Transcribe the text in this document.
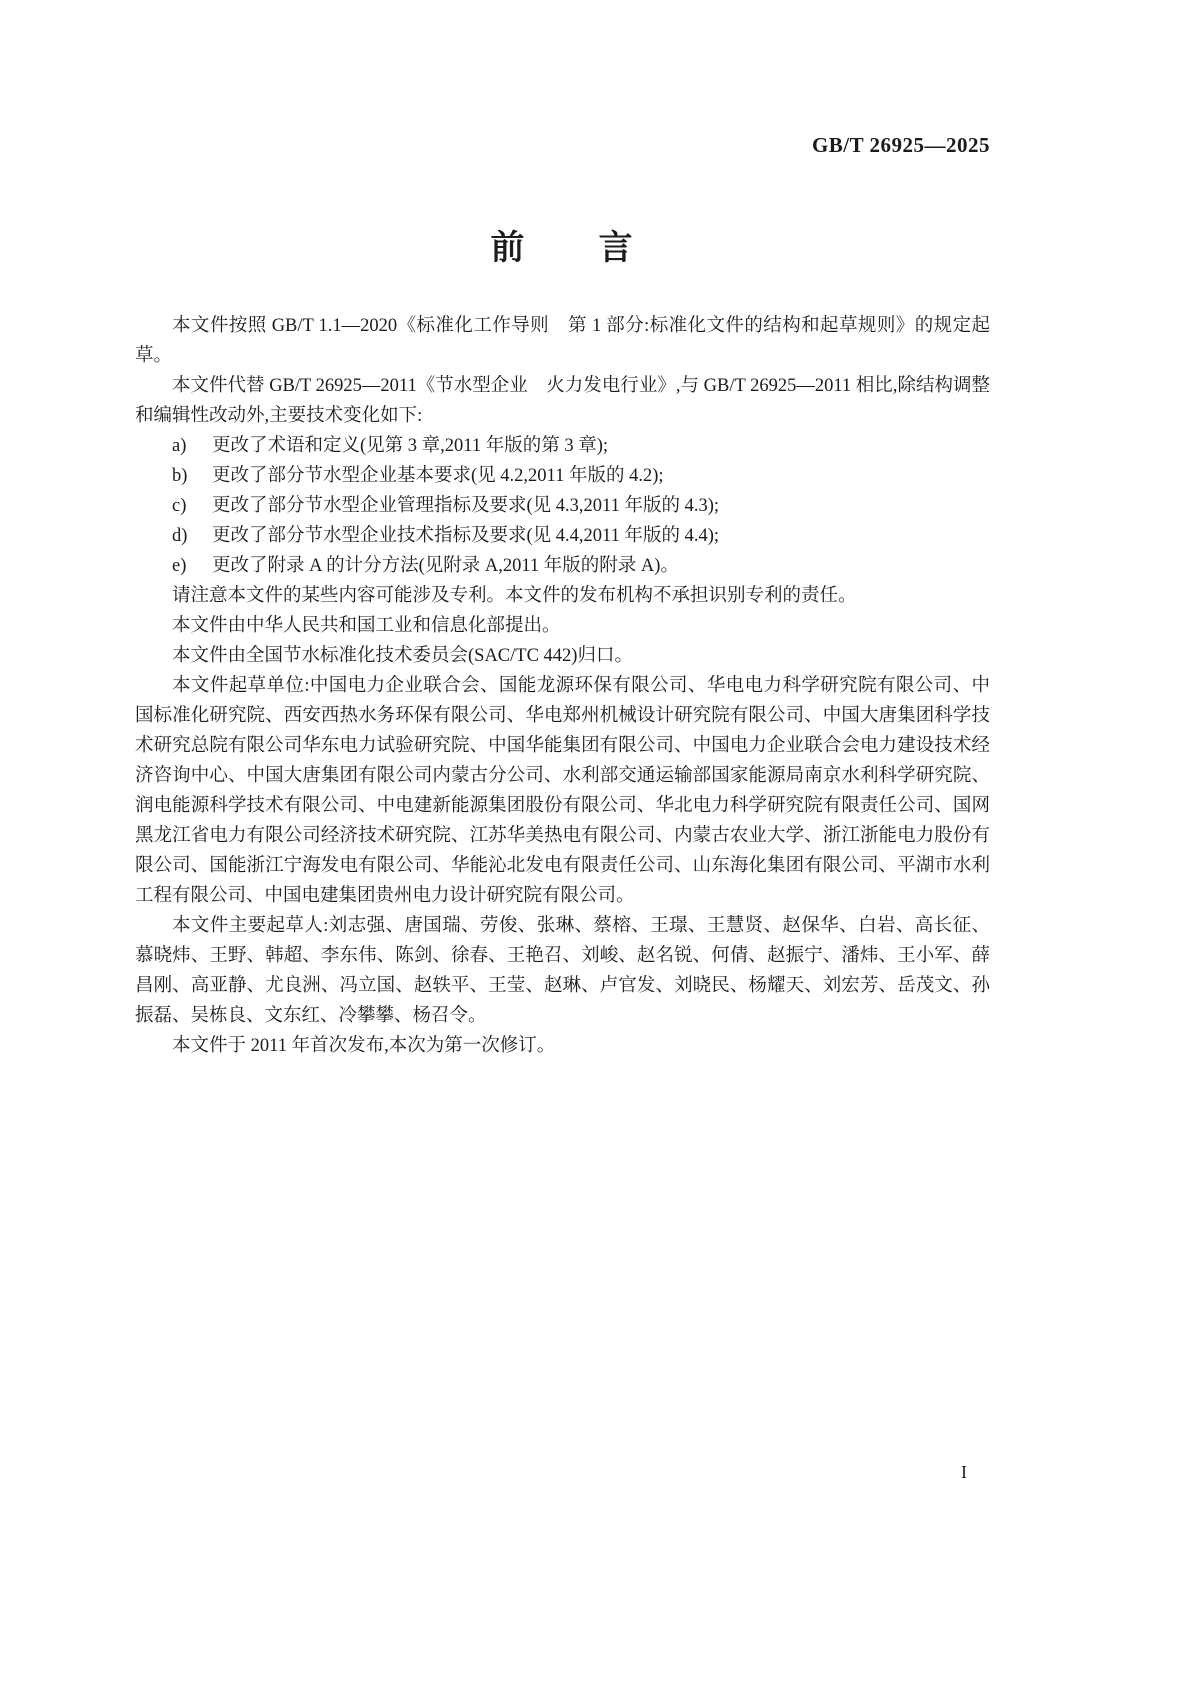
GB/T 26925—2025
前　　言

本文件按照 GB/T 1.1—2020《标准化工作导则　第 1 部分:标准化文件的结构和起草规则》的规定起草。

本文件代替 GB/T 26925—2011《节水型企业　火力发电行业》,与 GB/T 26925—2011 相比,除结构调整和编辑性改动外,主要技术变化如下:

a)	更改了术语和定义(见第 3 章,2011 年版的第 3 章);
b)	更改了部分节水型企业基本要求(见 4.2,2011 年版的 4.2);
c)	更改了部分节水型企业管理指标及要求(见 4.3,2011 年版的 4.3);
d)	更改了部分节水型企业技术指标及要求(见 4.4,2011 年版的 4.4);
e)	更改了附录 A 的计分方法(见附录 A,2011 年版的附录 A)。

请注意本文件的某些内容可能涉及专利。本文件的发布机构不承担识别专利的责任。

本文件由中华人民共和国工业和信息化部提出。

本文件由全国节水标准化技术委员会(SAC/TC 442)归口。

本文件起草单位:中国电力企业联合会、国能龙源环保有限公司、华电电力科学研究院有限公司、中国标准化研究院、西安西热水务环保有限公司、华电郑州机械设计研究院有限公司、中国大唐集团科学技术研究总院有限公司华东电力试验研究院、中国华能集团有限公司、中国电力企业联合会电力建设技术经济咨询中心、中国大唐集团有限公司内蒙古分公司、水利部交通运输部国家能源局南京水利科学研究院、润电能源科学技术有限公司、中电建新能源集团股份有限公司、华北电力科学研究院有限责任公司、国网黑龙江省电力有限公司经济技术研究院、江苏华美热电有限公司、内蒙古农业大学、浙江浙能电力股份有限公司、国能浙江宁海发电有限公司、华能沁北发电有限责任公司、山东海化集团有限公司、平湖市水利工程有限公司、中国电建集团贵州电力设计研究院有限公司。

本文件主要起草人:刘志强、唐国瑞、劳俊、张琳、蔡榕、王璟、王慧贤、赵保华、白岩、高长征、慕晓炜、王野、韩超、李东伟、陈剑、徐春、王艳召、刘峻、赵名锐、何倩、赵振宁、潘炜、王小军、薛昌刚、高亚静、尤良洲、冯立国、赵轶平、王莹、赵琳、卢官发、刘晓民、杨耀天、刘宏芳、岳茂文、孙振磊、吴栋良、文东红、冷攀攀、杨召令。

本文件于 2011 年首次发布,本次为第一次修订。

I
